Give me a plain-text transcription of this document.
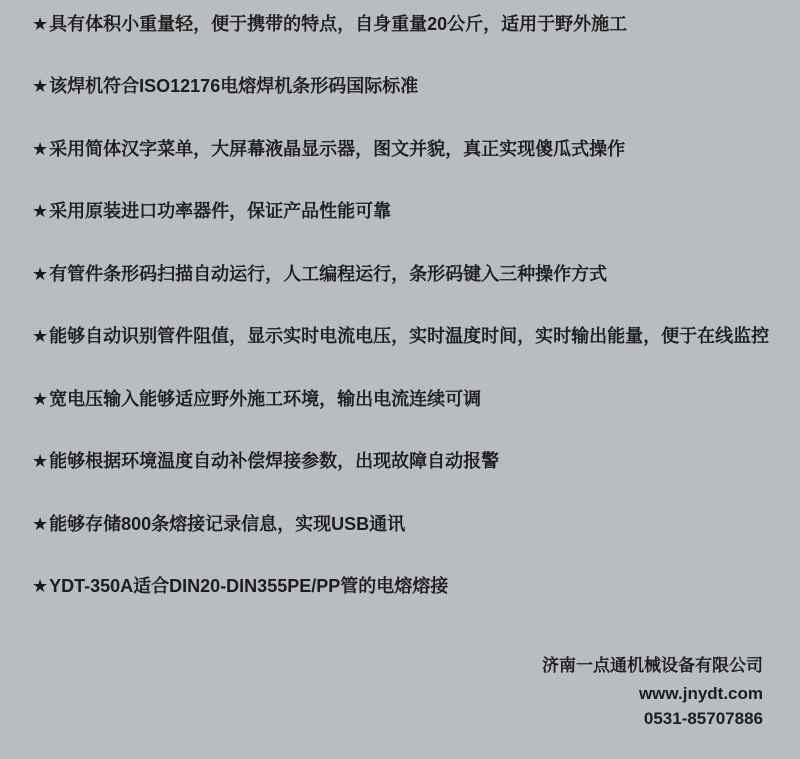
★具有体积小重量轻，便于携带的特点，自身重量20公斤，适用于野外施工
★该焊机符合ISO12176电熔焊机条形码国际标准
★采用简体汉字菜单，大屏幕液晶显示器，图文并貌，真正实现傻瓜式操作
★采用原装进口功率器件，保证产品性能可靠
★有管件条形码扫描自动运行，人工编程运行，条形码键入三种操作方式
★能够自动识别管件阻值，显示实时电流电压，实时温度时间，实时输出能量，便于在线监控
★宽电压输入能够适应野外施工环境，输出电流连续可调
★能够根据环境温度自动补偿焊接参数，出现故障自动报警
★能够存储800条熔接记录信息，实现USB通讯
★YDT-350A适合DIN20-DIN355PE/PP管的电熔熔接
济南一点通机械设备有限公司
www.jnydt.com
0531-85707886
